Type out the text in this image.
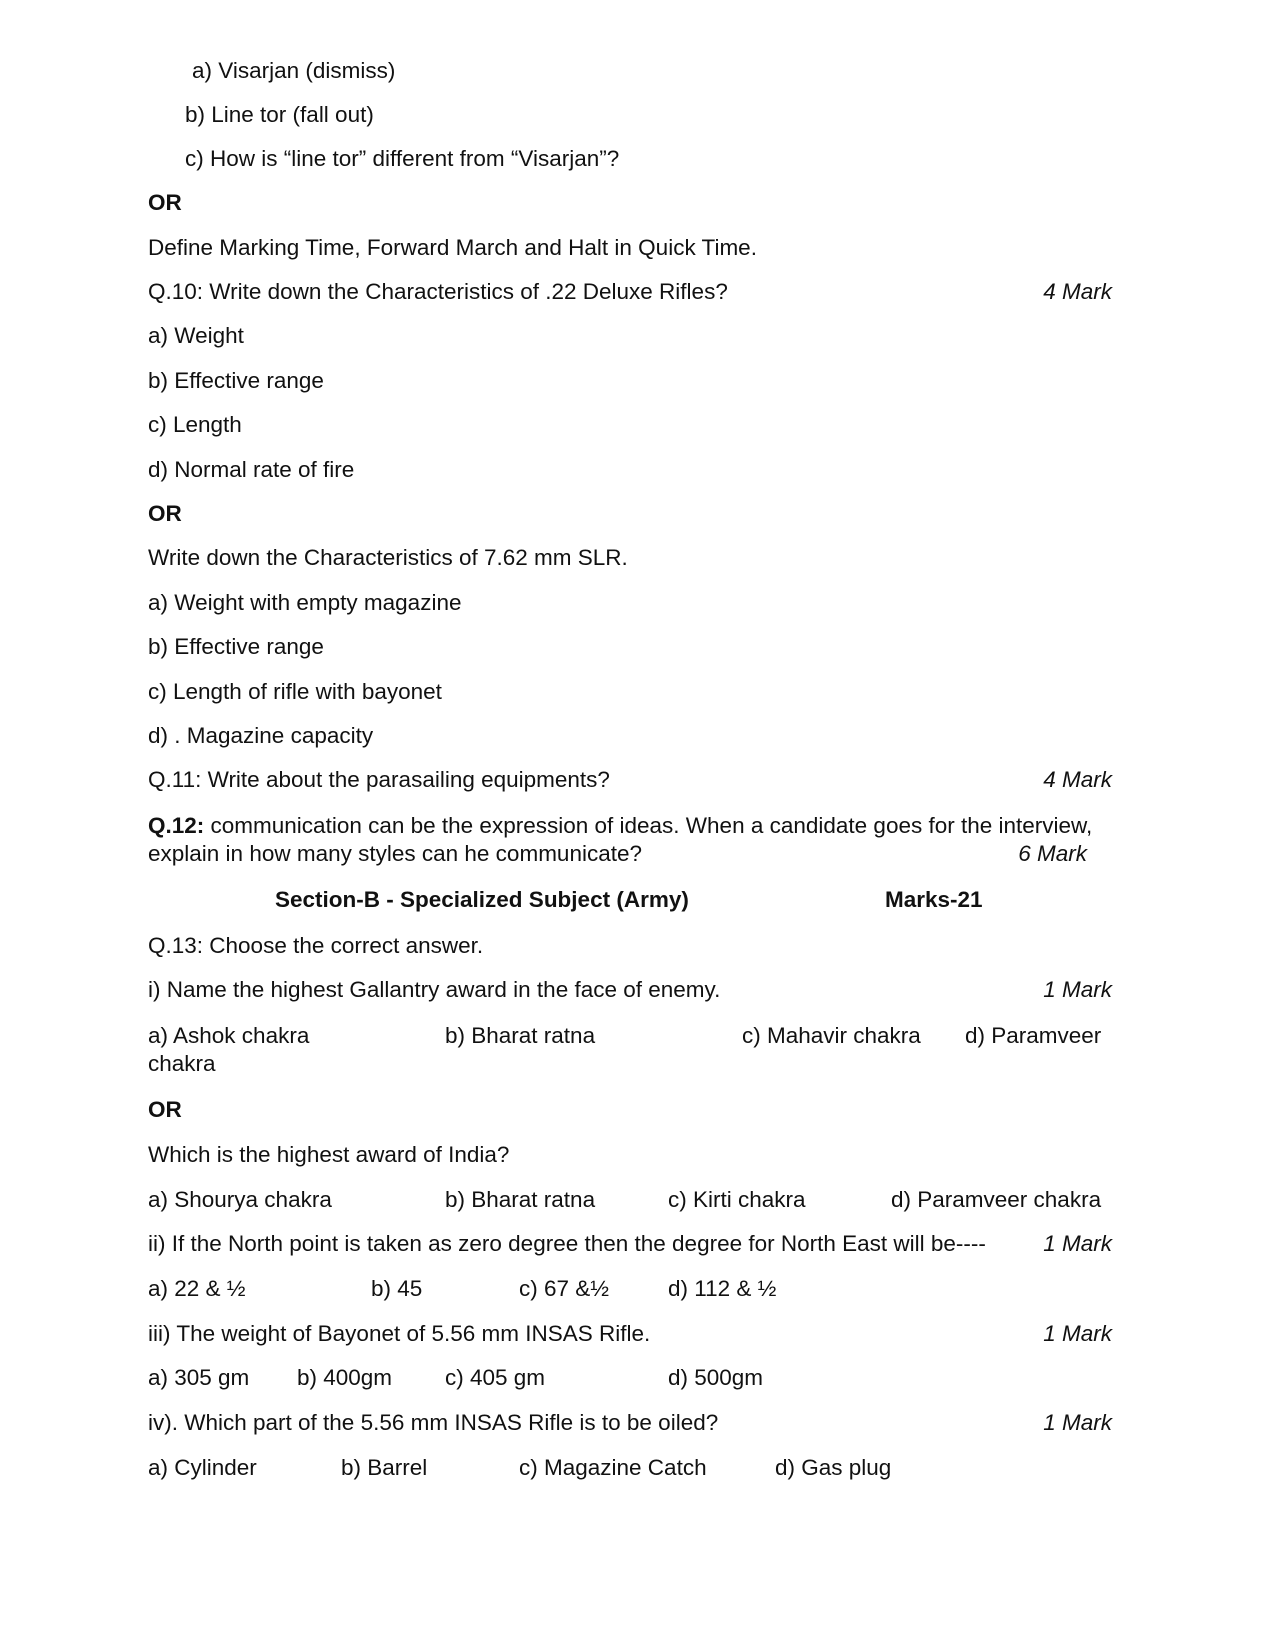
a) Visarjan (dismiss)
b) Line tor (fall out)
c) How is “line tor” different from “Visarjan”?
OR
Define Marking Time, Forward March and Halt in Quick Time.
Q.10: Write down the Characteristics of .22 Deluxe Rifles?	4 Mark
a) Weight
b) Effective range
c) Length
d) Normal rate of fire
OR
Write down the Characteristics of 7.62 mm SLR.
a) Weight with empty magazine
b) Effective range
c) Length of rifle with bayonet
d) . Magazine capacity
Q.11: Write about the parasailing equipments?	4 Mark
Q.12: communication can be the expression of ideas. When a candidate goes for the interview,
explain in how many styles can he communicate?	6 Mark
Section-B - Specialized Subject (Army)	Marks-21
Q.13: Choose the correct answer.
i) Name the highest Gallantry award in the face of enemy.	1 Mark
a) Ashok chakra	b) Bharat ratna	c) Mahavir chakra d) Paramveer
chakra
OR
Which is the highest award of India?
a) Shourya chakra	b) Bharat ratna	c) Kirti chakra	d) Paramveer chakra
ii) If the North point is taken as zero degree then the degree for North East will be----	1 Mark
a) 22 & ½	b) 45	c) 67 &½	d) 112 & ½
iii) The weight of Bayonet of 5.56 mm INSAS Rifle.	1 Mark
a) 305 gm b) 400gm c) 405 gm	d) 500gm
iv). Which part of the 5.56 mm INSAS Rifle is to be oiled?	1 Mark
a) Cylinder	b) Barrel	c) Magazine Catch	d) Gas plug
